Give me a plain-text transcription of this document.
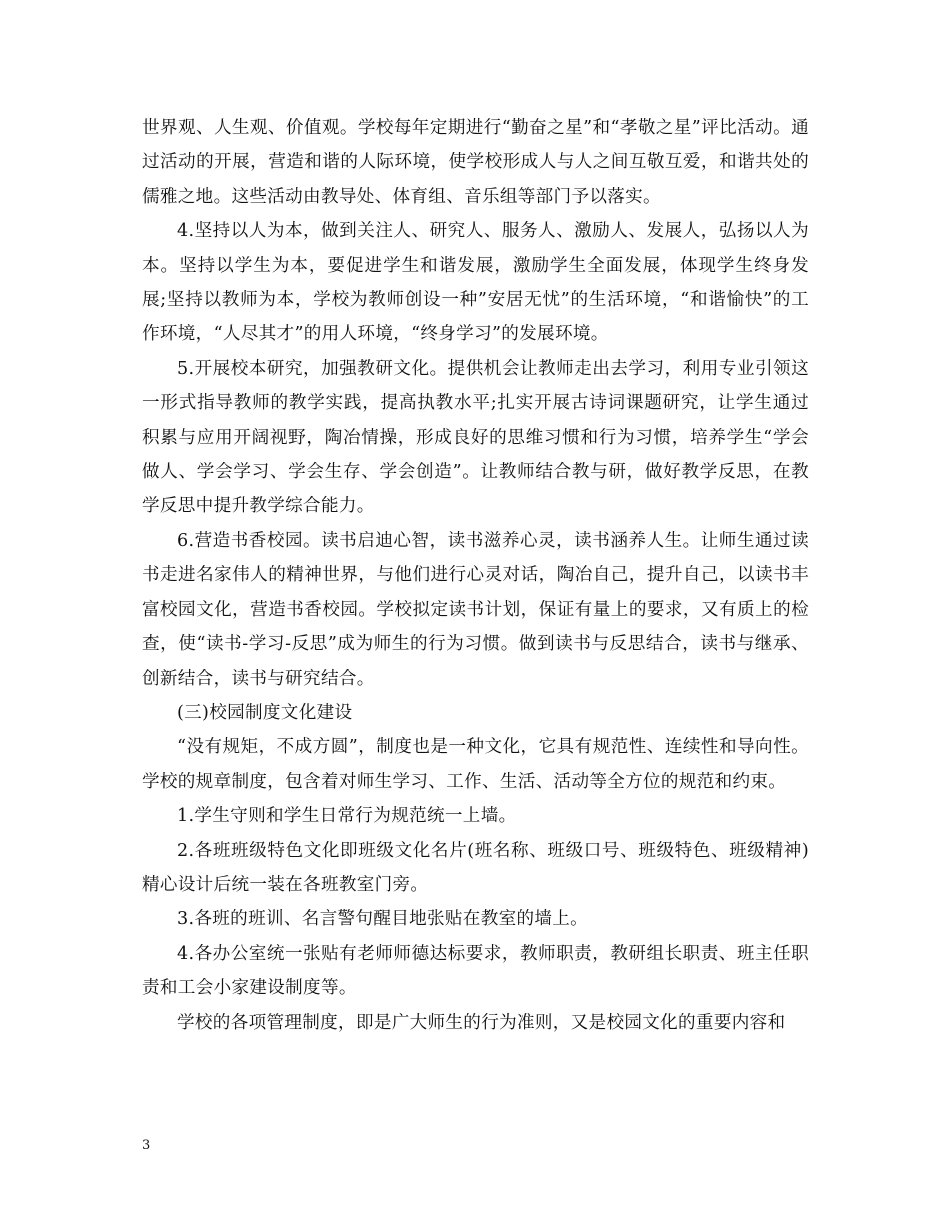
世界观、人生观、价值观。学校每年定期进行“勤奋之星”和“孝敬之星”评比活动。通过活动的开展，营造和谐的人际环境，使学校形成人与人之间互敬互爱，和谐共处的儒雅之地。这些活动由教导处、体育组、音乐组等部门予以落实。

4.坚持以人为本，做到关注人、研究人、服务人、激励人、发展人，弘扬以人为本。坚持以学生为本，要促进学生和谐发展，激励学生全面发展，体现学生终身发展;坚持以教师为本，学校为教师创设一种”安居无忧”的生活环境，“和谐愉快”的工作环境，“人尽其才”的用人环境，“终身学习”的发展环境。

5.开展校本研究，加强教研文化。提供机会让教师走出去学习，利用专业引领这一形式指导教师的教学实践，提高执教水平;扎实开展古诗词课题研究，让学生通过积累与应用开阔视野，陶冶情操，形成良好的思维习惯和行为习惯，培养学生“学会做人、学会学习、学会生存、学会创造”。让教师结合教与研，做好教学反思，在教学反思中提升教学综合能力。

6.营造书香校园。读书启迪心智，读书滋养心灵，读书涵养人生。让师生通过读书走进名家伟人的精神世界，与他们进行心灵对话，陶冶自己，提升自己，以读书丰富校园文化，营造书香校园。学校拟定读书计划，保证有量上的要求，又有质上的检查，使“读书-学习-反思”成为师生的行为习惯。做到读书与反思结合，读书与继承、创新结合，读书与研究结合。

(三)校园制度文化建设

“没有规矩，不成方圆”，制度也是一种文化，它具有规范性、连续性和导向性。学校的规章制度，包含着对师生学习、工作、生活、活动等全方位的规范和约束。

1.学生守则和学生日常行为规范统一上墙。

2.各班班级特色文化即班级文化名片(班名称、班级口号、班级特色、班级精神)精心设计后统一装在各班教室门旁。

3.各班的班训、名言警句醒目地张贴在教室的墙上。

4.各办公室统一张贴有老师师德达标要求，教师职责，教研组长职责、班主任职责和工会小家建设制度等。

学校的各项管理制度，即是广大师生的行为准则，又是校园文化的重要内容和

3
